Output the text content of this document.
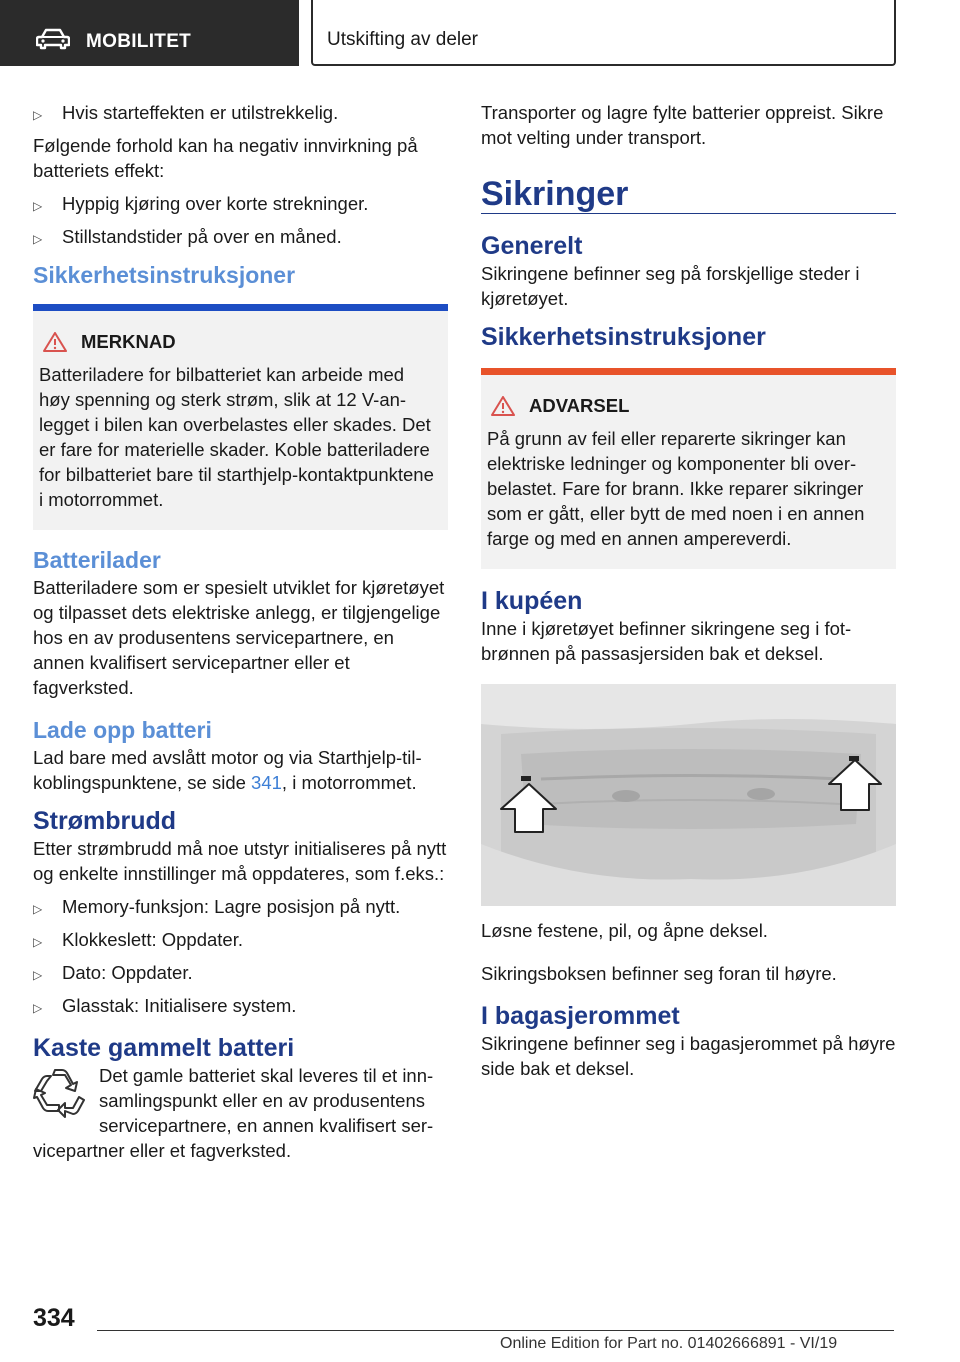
MOBILITET	Utskifting av deler
▷ Hvis starteffekten er utilstrekkelig.

Følgende forhold kan ha negativ innvirkning på batteriets effekt:

▷ Hyppig kjøring over korte strekninger.
▷ Stillstandstider på over en måned.
Sikkerhetsinstruksjoner
MERKNAD
Batteriladere for bilbatteriet kan arbeide med høy spenning og sterk strøm, slik at 12 V-anlegget i bilen kan overbelastes eller skades. Det er fare for materielle skader. Koble batteriladere for bilbatteriet bare til starthjelp-kontaktpunktene i motorrommet.
Batterilader

Batteriladere som er spesielt utviklet for kjøretøyet og tilpasset dets elektriske anlegg, er tilgjengelige hos en av produsentens servicepartnere, en annen kvalifisert servicepartner eller et fagverksted.

Lade opp batteri

Lad bare med avslått motor og via Starthjelp-tilkoblingspunktene, se side 341, i motorrommet.

Strømbrudd

Etter strømbrudd må noe utstyr initialiseres på nytt og enkelte innstillinger må oppdateres, som f.eks.:

▷ Memory-funksjon: Lagre posisjon på nytt.
▷ Klokkeslett: Oppdater.
▷ Dato: Oppdater.
▷ Glasstak: Initialisere system.
Kaste gammelt batteri
Det gamle batteriet skal leveres til et innsamlingspunkt eller en av produsentens servicepartnere, en annen kvalifisert ser-

vicepartner eller et fagverksted.

Transporter og lagre fylte batterier oppreist. Sikre mot velting under transport.

Sikringer
Generelt

Sikringene befinner seg på forskjellige steder i kjøretøyet.

Sikkerhetsinstruksjoner
ADVARSEL
På grunn av feil eller reparerte sikringer kan elektriske ledninger og komponenter bli overbelastet. Fare for brann. Ikke reparer sikringer som er gått, eller bytt de med noen i en annen farge og med en annen ampereverdi.
I kupéen

Inne i kjøretøyet befinner sikringene seg i fotbrønnen på passasjersiden bak et deksel.

Løsne festene, pil, og åpne deksel.

Sikringsboksen befinner seg foran til høyre.

I bagasjerommet

Sikringene befinner seg i bagasjerommet på høyre side bak et deksel.

334
Online Edition for Part no. 01402666891 - VI/19
